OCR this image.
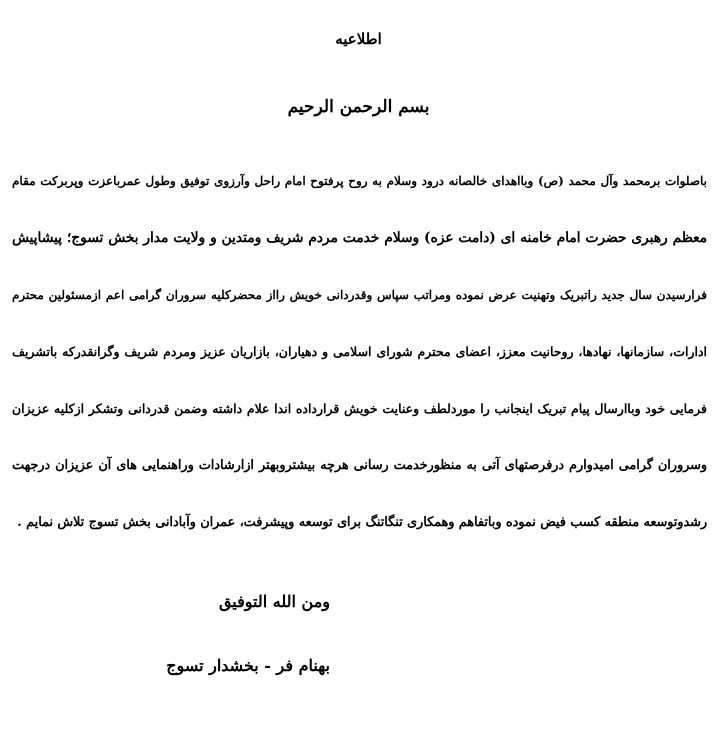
اطلاعیه
بسم الرحمن الرحیم
باصلوات برمحمد وآل محمد (ص) وبااهدای خالصانه درود وسلام به روح پرفتوح امام راحل وآرزوی توفیق وطول عمرباعزت وپربرکت مقام
معظم رهبری حضرت امام خامنه ای (دامت عزه) وسلام خدمت مردم شریف ومتدین و ولایت مدار بخش تسوج؛ پیشاپیش
فرارسیدن سال جدید راتبریک وتهنیت عرض نموده ومراتب سپاس وقدردانی خویش رااز محضرکلیه سروران گرامی اعم ازمسئولین محترم
ادارات، سازمانها، نهادها، روحانیت معزز، اعضای محترم شورای اسلامی و دهیاران، بازاریان عزیز ومردم شریف وگرانقدرکه باتشریف
فرمایی خود وباارسال پیام تبریک اینجانب را موردلطف وعنایت خویش قرارداده اندا علام داشته وضمن قدردانی وتشکر ازکلیه عزیزان
وسروران گرامی امیدوارم درفرصتهای آتی به منظورخدمت رسانی هرچه بیشتروبهتر ازارشادات وراهنمایی های آن عزیزان درجهت
رشدوتوسعه منطقه کسب فیض نموده وباتفاهم وهمکاری تنگاتنگ برای توسعه وپیشرفت، عمران وآبادانی بخش تسوج تلاش نمایم .

ومن الله التوفیق

بهنام فر - بخشدار تسوج
